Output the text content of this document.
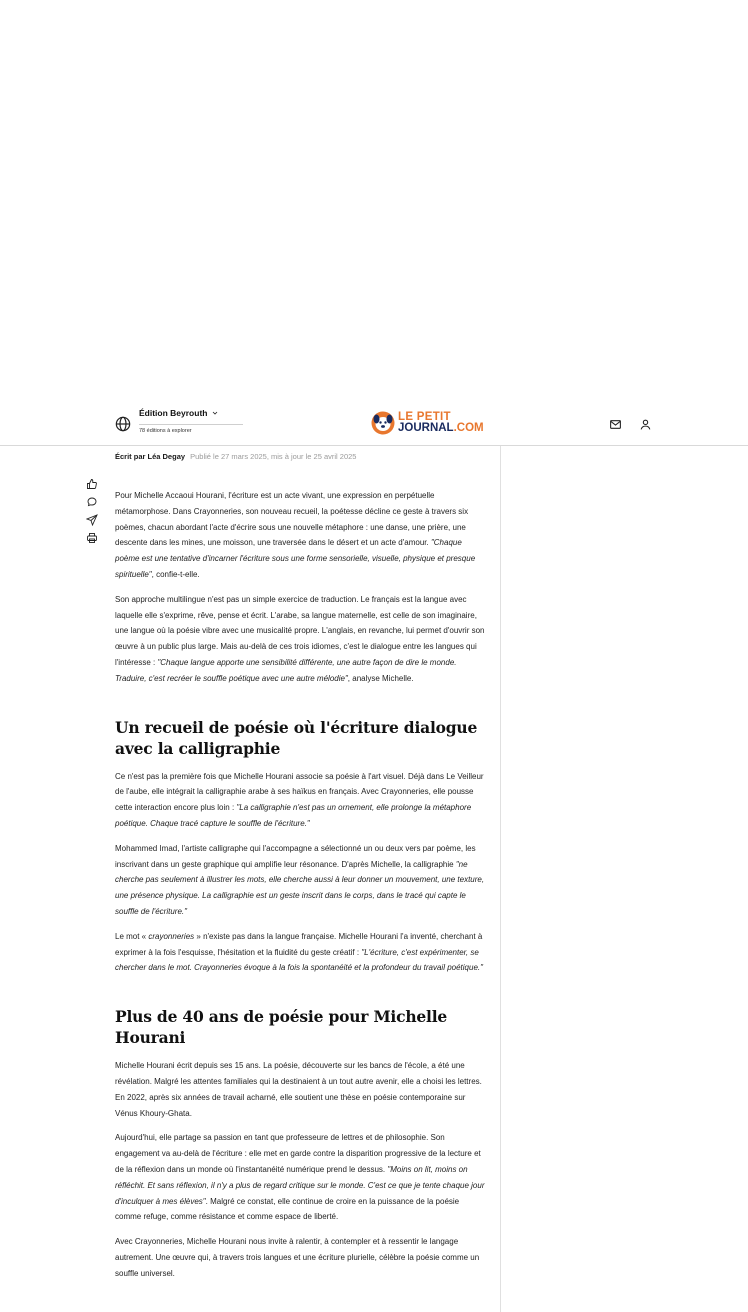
Édition Beyrouth
78 éditions à explorer
LE PETIT
JOURNAL.COM
Écrit par Léa Degay Publié le 27 mars 2025, mis à jour le 25 avril 2025

Pour Michelle Accaoui Hourani, l'écriture est un acte vivant, une expression en perpétuelle métamorphose. Dans Crayonneries, son nouveau recueil, la poétesse décline ce geste à travers six poèmes, chacun abordant l'acte d'écrire sous une nouvelle métaphore : une danse, une prière, une descente dans les mines, une moisson, une traversée dans le désert et un acte d'amour. "Chaque poème est une tentative d'incarner l'écriture sous une forme sensorielle, visuelle, physique et presque spirituelle", confie-t-elle.

Son approche multilingue n'est pas un simple exercice de traduction. Le français est la langue avec laquelle elle s'exprime, rêve, pense et écrit. L'arabe, sa langue maternelle, est celle de son imaginaire, une langue où la poésie vibre avec une musicalité propre. L'anglais, en revanche, lui permet d'ouvrir son œuvre à un public plus large. Mais au-delà de ces trois idiomes, c'est le dialogue entre les langues qui l'intéresse : "Chaque langue apporte une sensibilité différente, une autre façon de dire le monde. Traduire, c'est recréer le souffle poétique avec une autre mélodie", analyse Michelle.

Un recueil de poésie où l'écriture dialogue avec la calligraphie

Ce n'est pas la première fois que Michelle Hourani associe sa poésie à l'art visuel. Déjà dans Le Veilleur de l'aube, elle intégrait la calligraphie arabe à ses haïkus en français. Avec Crayonneries, elle pousse cette interaction encore plus loin : "La calligraphie n'est pas un ornement, elle prolonge la métaphore poétique. Chaque tracé capture le souffle de l'écriture."

Mohammed Imad, l'artiste calligraphe qui l'accompagne a sélectionné un ou deux vers par poème, les inscrivant dans un geste graphique qui amplifie leur résonance. D'après Michelle, la calligraphie "ne cherche pas seulement à illustrer les mots, elle cherche aussi à leur donner un mouvement, une texture, une présence physique. La calligraphie est un geste inscrit dans le corps, dans le tracé qui capte le souffle de l'écriture."

Le mot « crayonneries » n'existe pas dans la langue française. Michelle Hourani l'a inventé, cherchant à exprimer à la fois l'esquisse, l'hésitation et la fluidité du geste créatif : "L'écriture, c'est expérimenter, se chercher dans le mot. Crayonneries évoque à la fois la spontanéité et la profondeur du travail poétique."

Plus de 40 ans de poésie pour Michelle Hourani

Michelle Hourani écrit depuis ses 15 ans. La poésie, découverte sur les bancs de l'école, a été une révélation. Malgré les attentes familiales qui la destinaient à un tout autre avenir, elle a choisi les lettres. En 2022, après six années de travail acharné, elle soutient une thèse en poésie contemporaine sur Vénus Khoury-Ghata.

Aujourd'hui, elle partage sa passion en tant que professeure de lettres et de philosophie. Son engagement va au-delà de l'écriture : elle met en garde contre la disparition progressive de la lecture et de la réflexion dans un monde où l'instantanéité numérique prend le dessus. "Moins on lit, moins on réfléchit. Et sans réflexion, il n'y a plus de regard critique sur le monde. C'est ce que je tente chaque jour d'inculquer à mes élèves". Malgré ce constat, elle continue de croire en la puissance de la poésie comme refuge, comme résistance et comme espace de liberté.

Avec Crayonneries, Michelle Hourani nous invite à ralentir, à contempler et à ressentir le langage autrement. Une œuvre qui, à travers trois langues et une écriture plurielle, célèbre la poésie comme un souffle universel.
